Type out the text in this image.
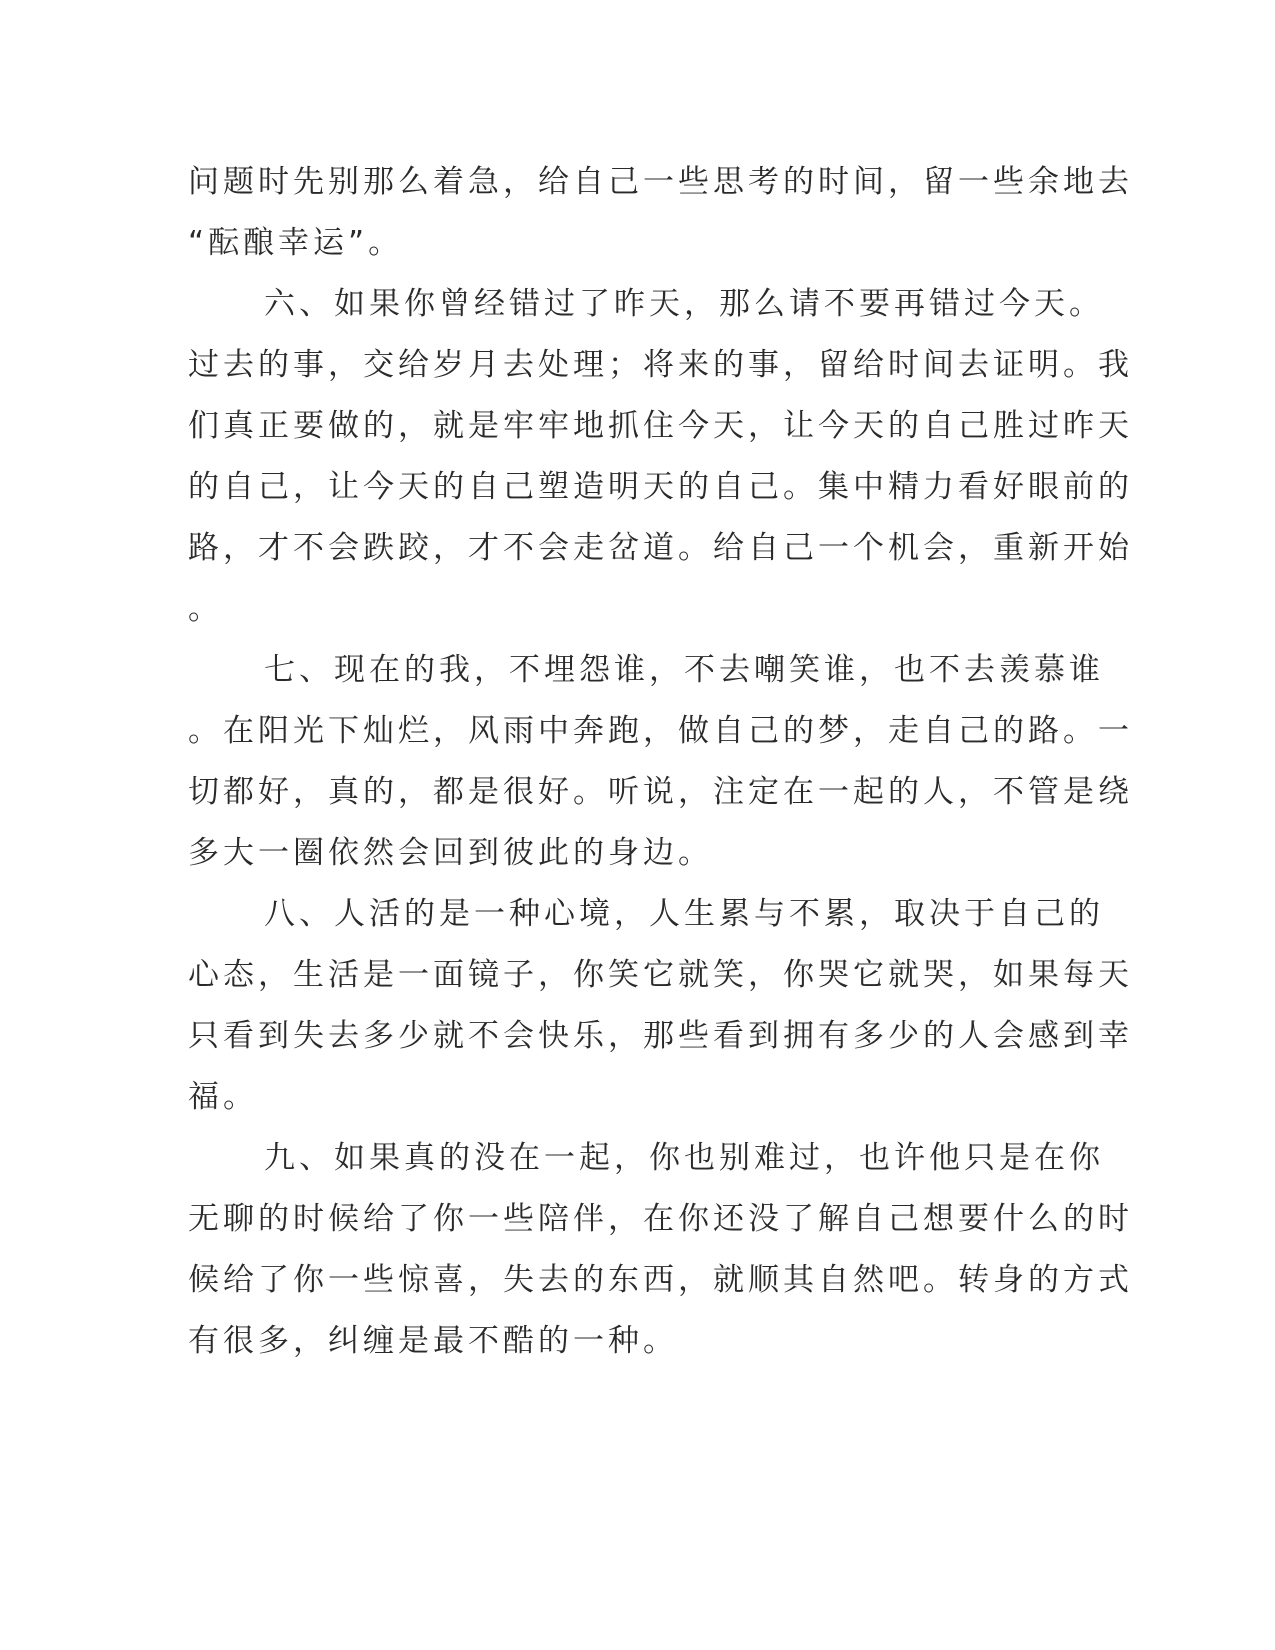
问题时先别那么着急，给自己一些思考的时间，留一些余地去
“酝酿幸运”。
六、如果你曾经错过了昨天，那么请不要再错过今天。
过去的事，交给岁月去处理；将来的事，留给时间去证明。我
们真正要做的，就是牢牢地抓住今天，让今天的自己胜过昨天
的自己，让今天的自己塑造明天的自己。集中精力看好眼前的
路，才不会跌跤，才不会走岔道。给自己一个机会，重新开始
。
七、现在的我，不埋怨谁，不去嘲笑谁，也不去羡慕谁
。在阳光下灿烂，风雨中奔跑，做自己的梦，走自己的路。一
切都好，真的，都是很好。听说，注定在一起的人，不管是绕
多大一圈依然会回到彼此的身边。
八、人活的是一种心境，人生累与不累，取决于自己的
心态，生活是一面镜子，你笑它就笑，你哭它就哭，如果每天
只看到失去多少就不会快乐，那些看到拥有多少的人会感到幸
福。
九、如果真的没在一起，你也别难过，也许他只是在你
无聊的时候给了你一些陪伴，在你还没了解自己想要什么的时
候给了你一些惊喜，失去的东西，就顺其自然吧。转身的方式
有很多，纠缠是最不酷的一种。
